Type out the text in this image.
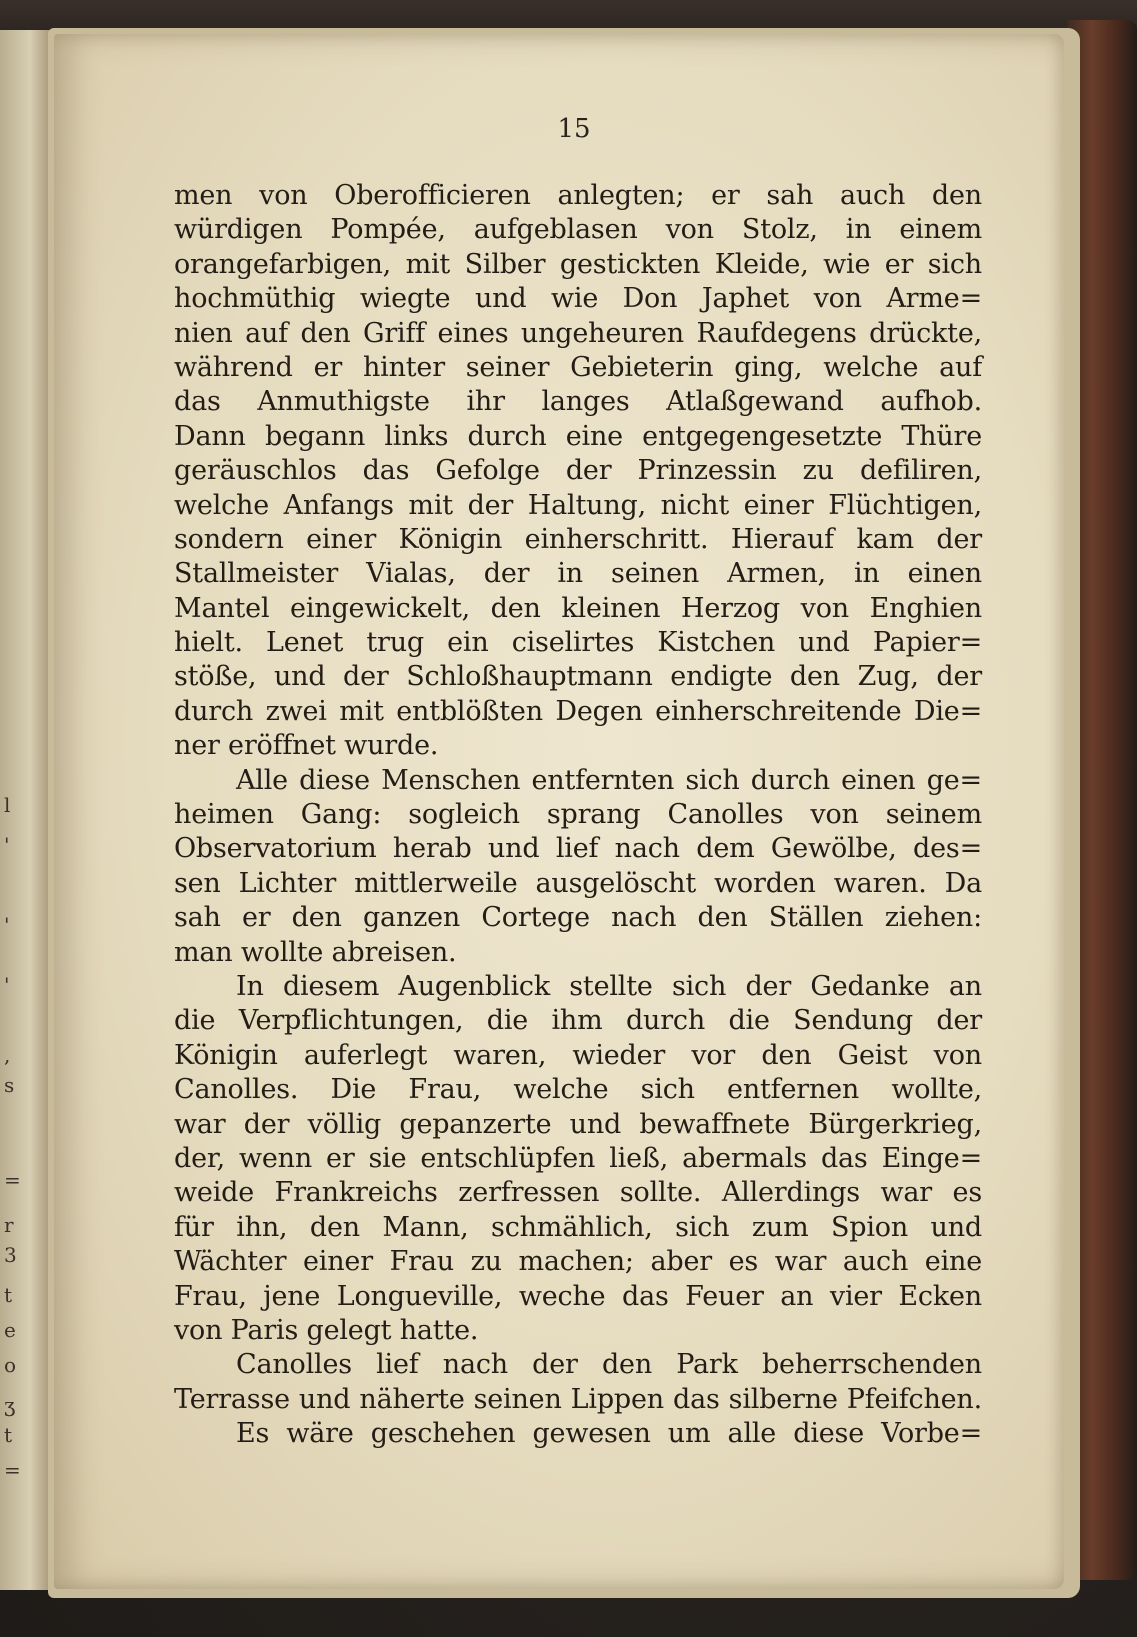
l
'
'
'
,
s
=
r
3
t
e
o
ʒ
t
=
15
men von Oberofficieren anlegten; er sah auch den
würdigen Pompée, aufgeblasen von Stolz, in einem
orangefarbigen, mit Silber gestickten Kleide, wie er sich
hochmüthig wiegte und wie Don Japhet von Arme=
nien auf den Griff eines ungeheuren Raufdegens drückte,
während er hinter seiner Gebieterin ging, welche auf
das Anmuthigste ihr langes Atlaßgewand aufhob.
Dann begann links durch eine entgegengesetzte Thüre
geräuschlos das Gefolge der Prinzessin zu defiliren,
welche Anfangs mit der Haltung, nicht einer Flüchtigen,
sondern einer Königin einherschritt. Hierauf kam der
Stallmeister Vialas, der in seinen Armen, in einen
Mantel eingewickelt, den kleinen Herzog von Enghien
hielt. Lenet trug ein ciselirtes Kistchen und Papier=
stöße, und der Schloßhauptmann endigte den Zug, der
durch zwei mit entblößten Degen einherschreitende Die=
ner eröffnet wurde.
Alle diese Menschen entfernten sich durch einen ge=
heimen Gang: sogleich sprang Canolles von seinem
Observatorium herab und lief nach dem Gewölbe, des=
sen Lichter mittlerweile ausgelöscht worden waren. Da
sah er den ganzen Cortege nach den Ställen ziehen:
man wollte abreisen.
In diesem Augenblick stellte sich der Gedanke an
die Verpflichtungen, die ihm durch die Sendung der
Königin auferlegt waren, wieder vor den Geist von
Canolles. Die Frau, welche sich entfernen wollte,
war der völlig gepanzerte und bewaffnete Bürgerkrieg,
der, wenn er sie entschlüpfen ließ, abermals das Einge=
weide Frankreichs zerfressen sollte. Allerdings war es
für ihn, den Mann, schmählich, sich zum Spion und
Wächter einer Frau zu machen; aber es war auch eine
Frau, jene Longueville, weche das Feuer an vier Ecken
von Paris gelegt hatte.
Canolles lief nach der den Park beherrschenden
Terrasse und näherte seinen Lippen das silberne Pfeifchen.
Es wäre geschehen gewesen um alle diese Vorbe=
